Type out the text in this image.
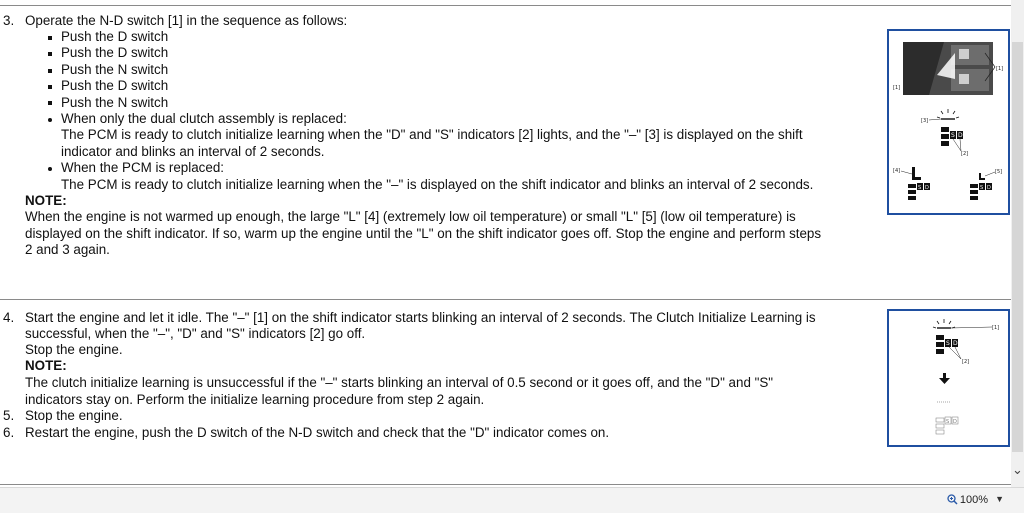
3. Operate the N-D switch [1] in the sequence as follows:
Push the D switch
Push the D switch
Push the N switch
Push the D switch
Push the N switch
When only the dual clutch assembly is replaced:
The PCM is ready to clutch initialize learning when the "D" and "S" indicators [2] lights, and the "–" [3] is displayed on the shift
indicator and blinks an interval of 2 seconds.
When the PCM is replaced:
The PCM is ready to clutch initialize learning when the "–" is displayed on the shift indicator and blinks an interval of 2 seconds.
NOTE:
When the engine is not warmed up enough, the large "L" [4] (extremely low oil temperature) or small "L" [5] (low oil temperature) is
displayed on the shift indicator. If so, warm up the engine until the "L" on the shift indicator goes off. Stop the engine and perform steps
2 and 3 again.
[1]
[1]
[3]
S D
[2]
S D
[4]
S D
[5]
4. Start the engine and let it idle. The "–" [1] on the shift indicator starts blinking an interval of 2 seconds. The Clutch Initialize Learning is
successful, when the "–", "D" and "S" indicators [2] go off.
Stop the engine.
NOTE:
The clutch initialize learning is unsuccessful if the "–" starts blinking an interval of 0.5 second or it goes off, and the "D" and "S"
indicators stay on. Perform the initialize learning procedure from step 2 again.
5. Stop the engine.
6. Restart the engine, push the D switch of the N-D switch and check that the "D" indicator comes on.
[1]
S D
[2]
S D
⌄
100% ▼
